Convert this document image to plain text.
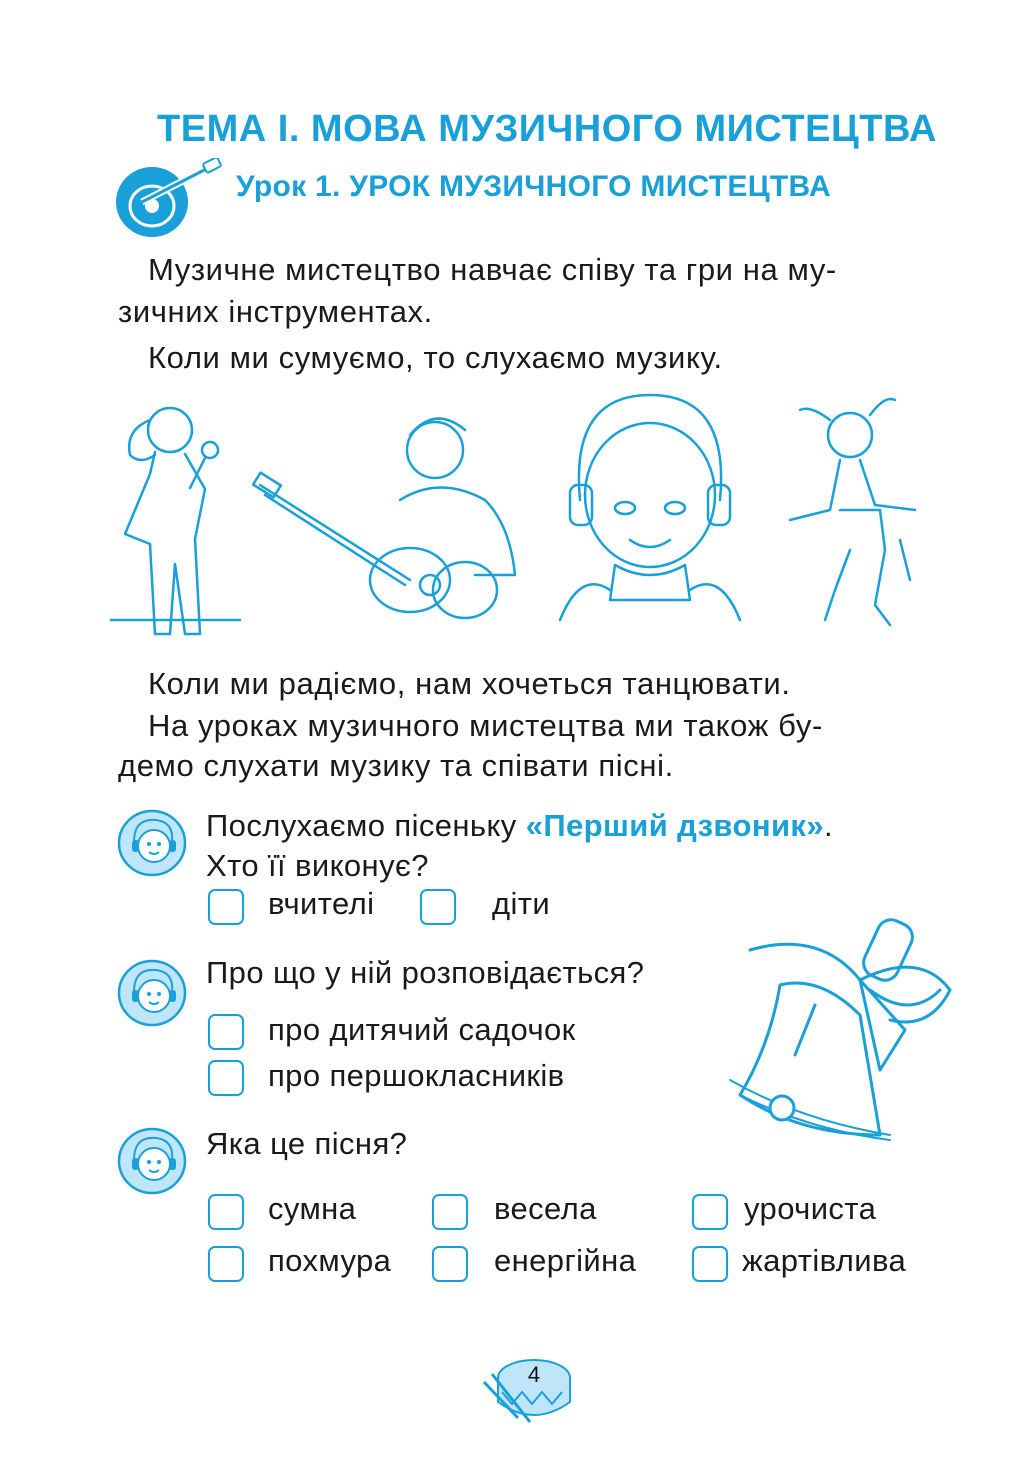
ТЕМА І. МОВА МУЗИЧНОГО МИСТЕЦТВА
Урок 1. УРОК МУЗИЧНОГО МИСТЕЦТВА
Музичне мистецтво навчає співу та гри на му-
зичних інструментах.
Коли ми сумуємо, то слухаємо музику.
Коли ми радіємо, нам хочеться танцювати.
На уроках музичного мистецтва ми також бу-
демо слухати музику та співати пісні.
Послухаємо пісеньку «Перший дзвоник».
Хто її виконує?
вчителі	діти
Про що у ній розповідається?
про дитячий садочок
про першокласників
Яка це пісня?
сумна	весела	урочиста
похмура	енергійна	жартівлива
4
